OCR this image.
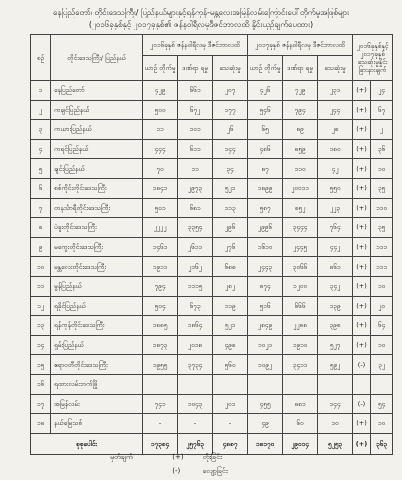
နေပြည်တော်၊ တိုင်းဒေသကြီး/ ပြည်နယ်များနှင့်ရန်ကုန်-မန္တလေးအမြန်လမ်းကြောင်းပေါ်တိုက်မှုအဖြစ်များ
(၂၀၁၆ခုနှစ်နှင့် ၂၀၁၇ခုနှစ်၏ ဇန်နဝါရီလမှဒီဇင်ဘာလထိ နှိုင်းယှဉ်ချက်ပေထား)
စဉ်	တိုင်းဒေသကြီး/ ပြည်နယ်	၂၀၁၆ခုနှစ် ဇန်နဝါရီလမှ ဒီဇင်ဘာလထိ			၂၀၁၇ခုနှစ် ဇန်နဝါရီလမှ ဒီဇင်ဘာလထိ			၂၀၁၆ခုနှစ်နှင့် ၂၀၁၇ခုနှစ် သေဆုံးမှုနှိုင်း ခြားနားချက်	
		ယာဉ် တိုက်မှု	ဒဏ်ရာ ရမှု	သေဆုံးမှု	ယာဉ် တိုက်မှု	ဒဏ်ရာ ရမှု	သေဆုံးမှု		
၁	နေပြည်တော်	၄၂၉	၆၆၁	၂၀၇	၄၂၆	၇၂၉	၂၃၁	(+)	၂၄
၂	ကချင်ပြည်နယ်	၅၀၀	၆၇၂	၁၇၇	၅၄၆	၇၉၄	၂၄၄	(+)	၆၇
၃	ကယားပြည်နယ်	၁၁	၁၀၁	၂၆	၆၅	၈၉	၂၈	(+)	၂
၄	ကရင်ပြည်နယ်	၄၄၄	၆၁၁	၁၄၄	၄၈၆	၈၅၉	၁၈၀	(+)	၃၆
၅	ချင်းပြည်နယ်	၇၀	၁၁	၃၄	၈၇	၁၁၀	၄၂	(+)	၁၀
၆	စစ်ကိုင်းတိုင်းဒေသကြီး	၁၈၄၁	၂၉၇၃	၅၂၁	၁၈၉၉	၂၀၀၁၁	၅၅၀	(+)	၃၅
၇	တနင်္သာရီတိုင်းဒေသကြီး	၅၀၁	၆၈၁	၁၁၃	၅၈၇	၈၅၂	၂၂၃	(+)	၁၁၀
၈	ပဲခူးတိုင်းဒေသကြီး	၂၂၂၂	၃၃၅၄	၂၉၆	၂၉၉၆	၃၄၄၄	၇၆၄	(+)	၃၅
၉	မကွေးတိုင်းဒေသကြီး	၁၄၆၁	၂၆၁၁	၂၇၆	၁၆၁၀	၂၄၄၅	၄၄၂	(+)	၁၁၁
၁၀	မန္တလေးတိုင်းဒေသကြီး	၁၉၁၁	၂၁၆၂	၆၈၈	၂၄၄၃	၃၀၆၆	၈၆၁	(+)	၁၁၁
၁၁	မွန်ပြည်နယ်	၇၉၄	၁၁၁၅	၂၈၂	၈၇၄	၁၂၀၀	၃၄၂	(+)	၁၀
၁၂	ရခိုင်ပြည်နယ်	၅၀၄	၆၇၃	၁၁၉	၅၁၆	၆၆၆	၁၃၉	(+)	၂၀
၁၃	ရန်ကုန်တိုင်းဒေသကြီး	၁၈၈၅	၁၈၆၄	၅၂၁	၂၈၄၉	၂၂၈၈	၃၉၈	(+)	၆၄
၁၄	ရှမ်းပြည်နယ်	၁၈၇၃	၂၀၁၈	၄၉၈	၁၀၂၁	၁၉၁၀	၅၂၇	(+)	၁၀
၁၅	ဧရာဝတီတိုင်းဒေသကြီး	၁၉၅၅	၃၇၃၄	၅၆၀	၁၀၉၂	၃၄၁၁	၅၉၂	(-)	၃၂
၁၆	ရထားလမ်းဘက်ဖြို								
၁၇	အမြန်လမ်း	၇၄၁	၁၀၄၃	၂၀၁	၄၅၅	၈၈၁	၁၄၄	(-)	၅၄
၁၈	နယ်မြေသစ်	-	-	-	၄၉	၆၀	၁၀	(+)	၁၀
စုစုပေါင်း		၁၇၃၈၄	၂၅၇၆၃	၄၈၈၇	၁၈၁၇၀	၂၉၀၁၄	၅၂၅၃	(+)	၃၆၃
မှတ်ချက်	(+)	တိုးခြင်း
(-)	လျော့ခြင်း
